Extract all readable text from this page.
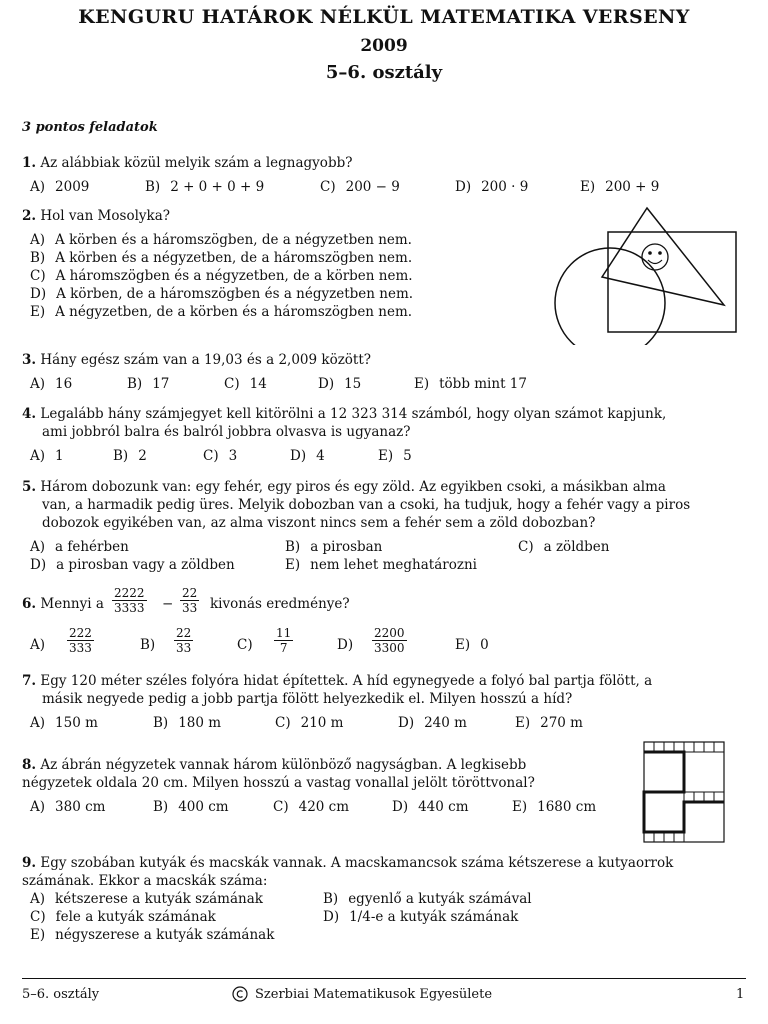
KENGURU HATÁROK NÉLKÜL MATEMATIKA VERSENY
2009
5–6. osztály
3 pontos feladatok
1. Az alábbiak közül melyik szám a legnagyobb?
A) 2009	B) 2 + 0 + 0 + 9	C) 200 − 9	D) 200 · 9	E) 200 + 9
2. Hol van Mosolyka?
A) A körben és a háromszögben, de a négyzetben nem.
B) A körben és a négyzetben, de a háromszögben nem.
C) A háromszögben és a négyzetben, de a körben nem.
D) A körben, de a háromszögben és a négyzetben nem.
E) A négyzetben, de a körben és a háromszögben nem.
3. Hány egész szám van a 19,03 és a 2,009 között?
A) 16	B) 17	C) 14	D) 15	E) több mint 17
4. Legalább hány számjegyet kell kitörölni a 12 323 314 számból, hogy olyan számot kapjunk,
ami jobbról balra és balról jobbra olvasva is ugyanaz?
A) 1	B) 2	C) 3	D) 4	E) 5
5. Három dobozunk van: egy fehér, egy piros és egy zöld. Az egyikben csoki, a másikban alma
van, a harmadik pedig üres. Melyik dobozban van a csoki, ha tudjuk, hogy a fehér vagy a piros
dobozok egyikében van, az alma viszont nincs sem a fehér sem a zöld dobozban?
A) a fehérben	B) a pirosban	C) a zöldben
D) a pirosban vagy a zöldben	E) nem lehet meghatározni
6. Mennyi a $\frac{2222}{3333} - \frac{22}{33}$ kivonás eredménye?
$A) \frac{222}{333}$	$B) \frac{22}{33}$	$C) \frac{11}{7}$	$D) \frac{2200}{3300}$	E) 0
7. Egy 120 méter széles folyóra hidat építettek. A híd egynegyede a folyó bal partja fölött, a
másik negyede pedig a jobb partja fölött helyezkedik el. Milyen hosszú a híd?
A) 150 m	B) 180 m	C) 210 m	D) 240 m	E) 270 m
8. Az ábrán négyzetek vannak három különböző nagyságban. A legkisebb
négyzetek oldala 20 cm. Milyen hosszú a vastag vonallal jelölt töröttvonal?
A) 380 cm	B) 400 cm	C) 420 cm	D) 440 cm	E) 1680 cm
9. Egy szobában kutyák és macskák vannak. A macskamancsok száma kétszerese a kutyaorrok
számának. Ekkor a macskák száma:
A) kétszerese a kutyák számának	B) egyenlő a kutyák számával
C) fele a kutyák számának	D) 1/4-e a kutyák számának
E) négyszerese a kutyák számának
5–6. osztály	Szerbiai Matematikusok Egyesülete	1
